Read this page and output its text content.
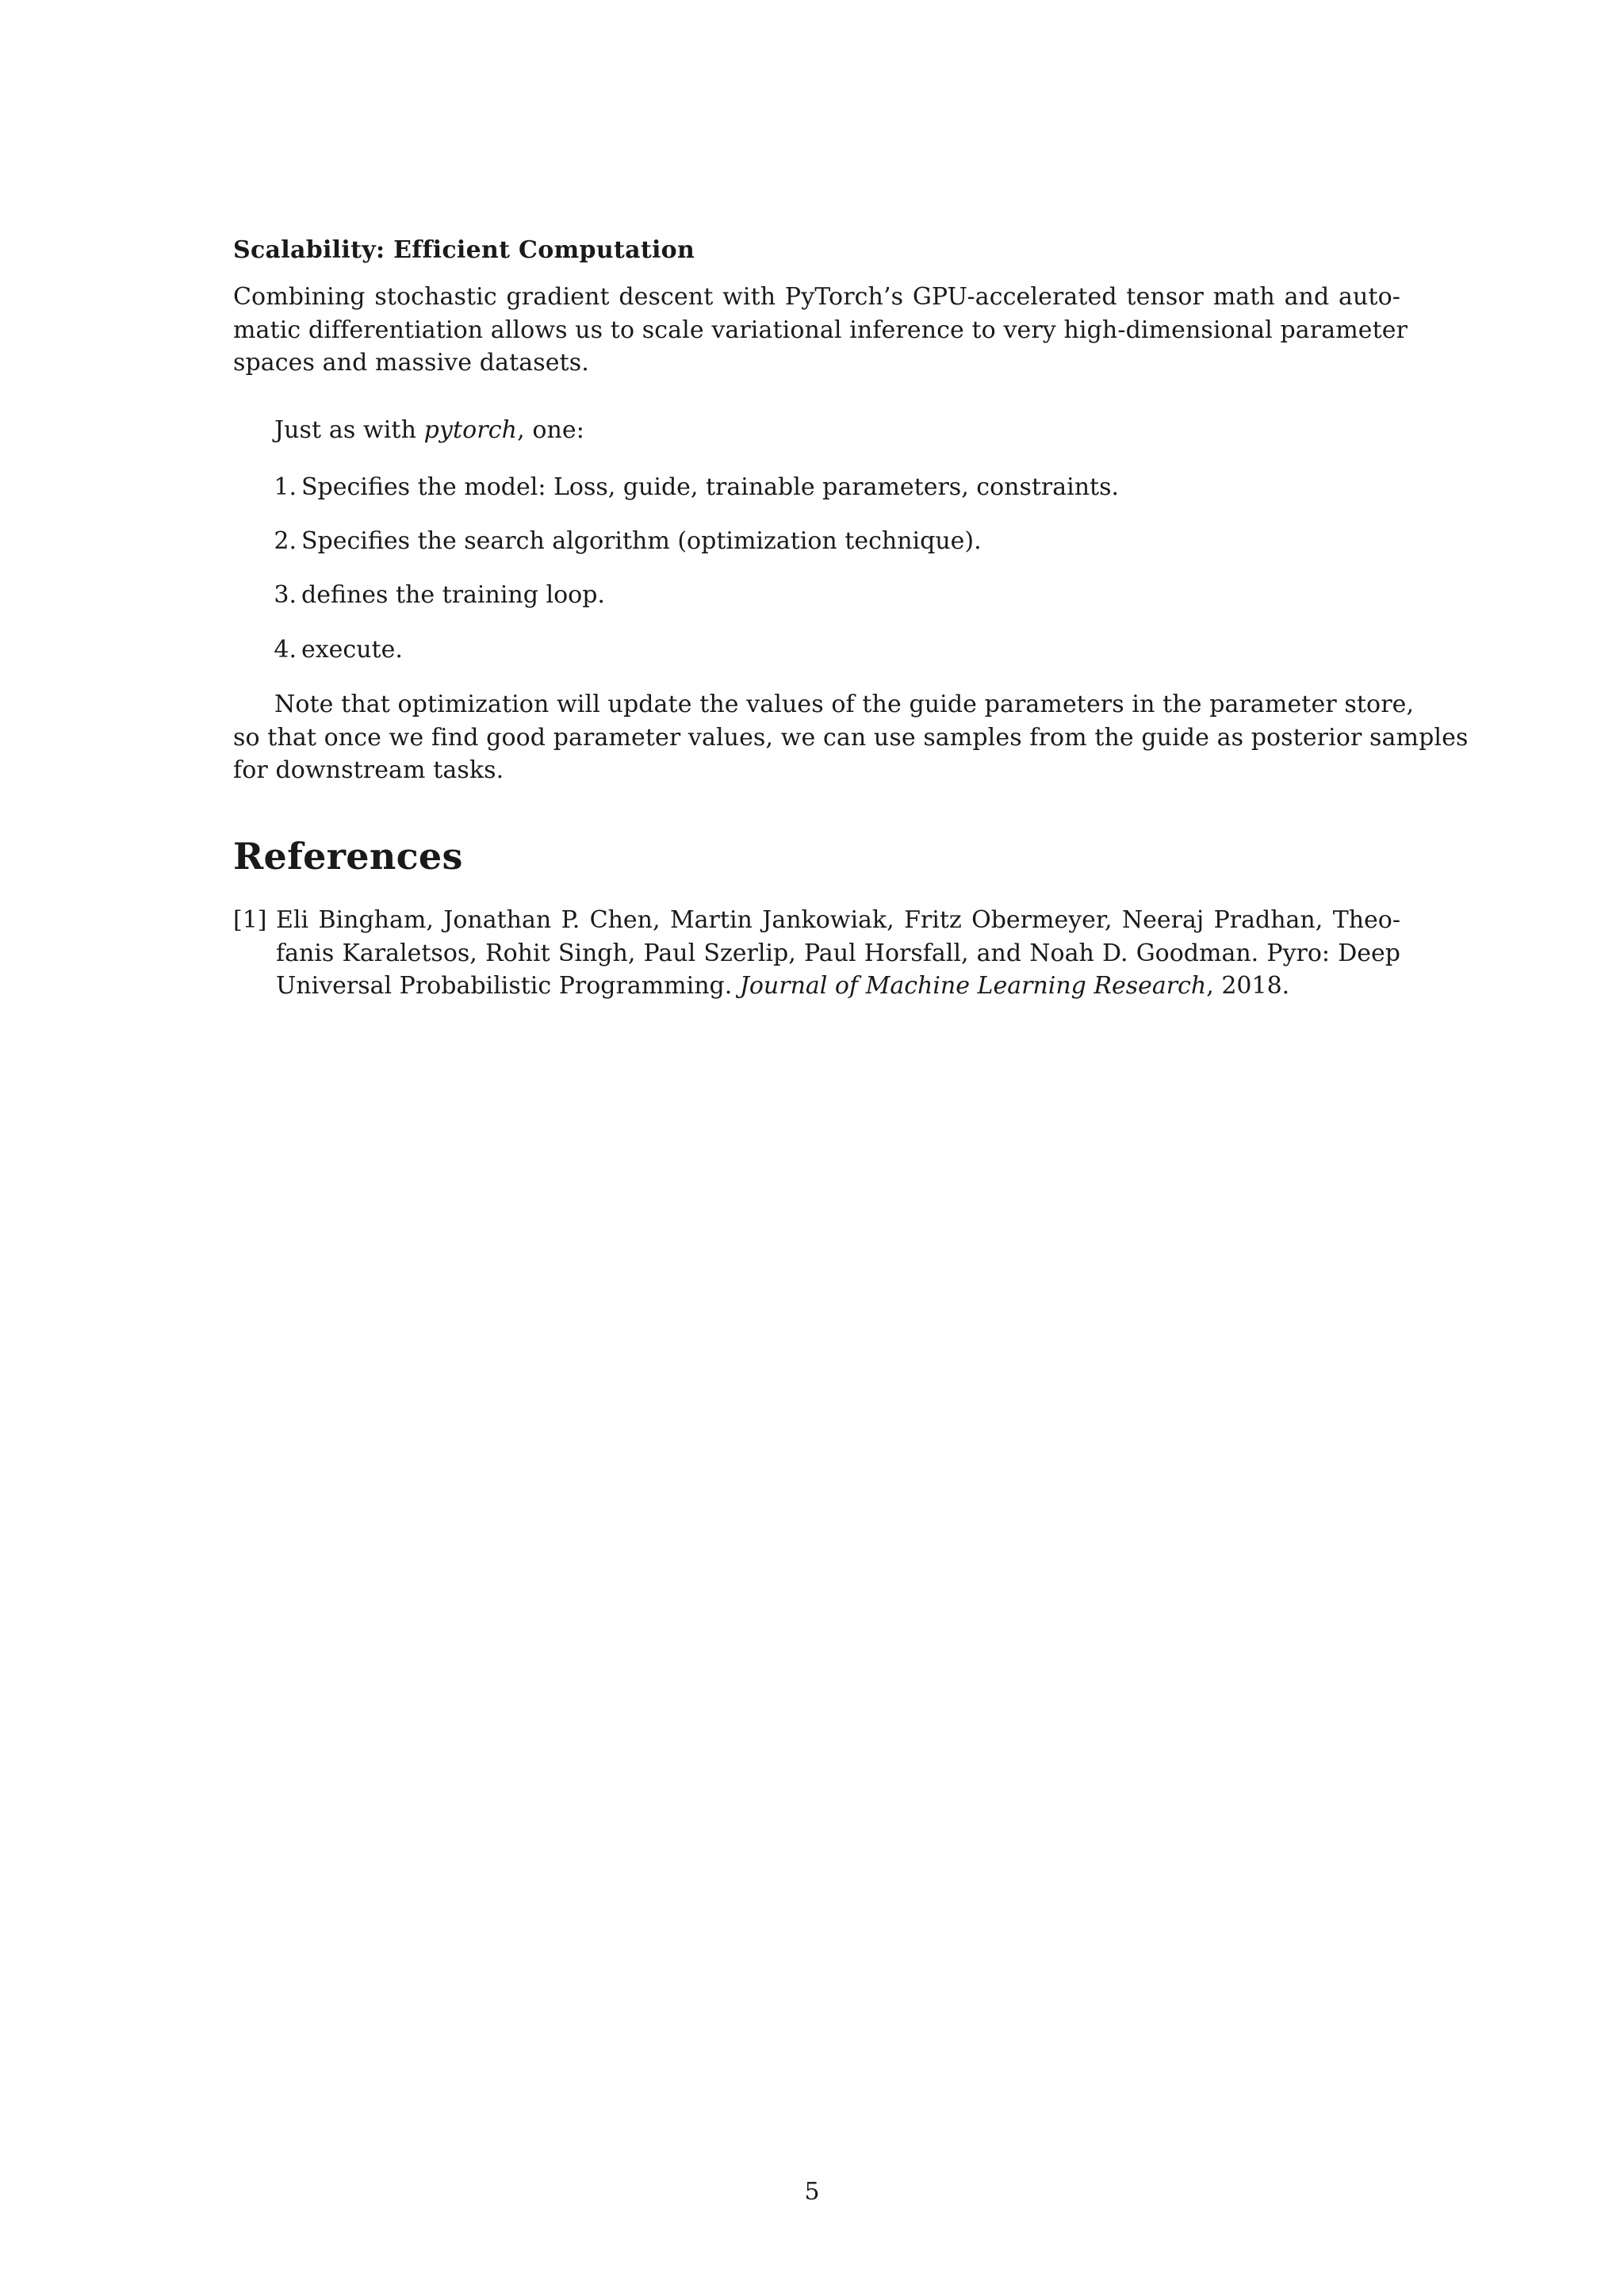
Scalability: Efficient Computation

Combining stochastic gradient descent with PyTorch’s GPU-accelerated tensor math and auto-
matic differentiation allows us to scale variational inference to very high-dimensional parameter
spaces and massive datasets.

Just as with pytorch, one:

1. Specifies the model: Loss, guide, trainable parameters, constraints.
2. Specifies the search algorithm (optimization technique).
3. defines the training loop.
4. execute.

Note that optimization will update the values of the guide parameters in the parameter store,
so that once we find good parameter values, we can use samples from the guide as posterior samples
for downstream tasks.

References
[1] Eli Bingham, Jonathan P. Chen, Martin Jankowiak, Fritz Obermeyer, Neeraj Pradhan, Theo-
fanis Karaletsos, Rohit Singh, Paul Szerlip, Paul Horsfall, and Noah D. Goodman. Pyro: Deep
Universal Probabilistic Programming. Journal of Machine Learning Research, 2018.
5
